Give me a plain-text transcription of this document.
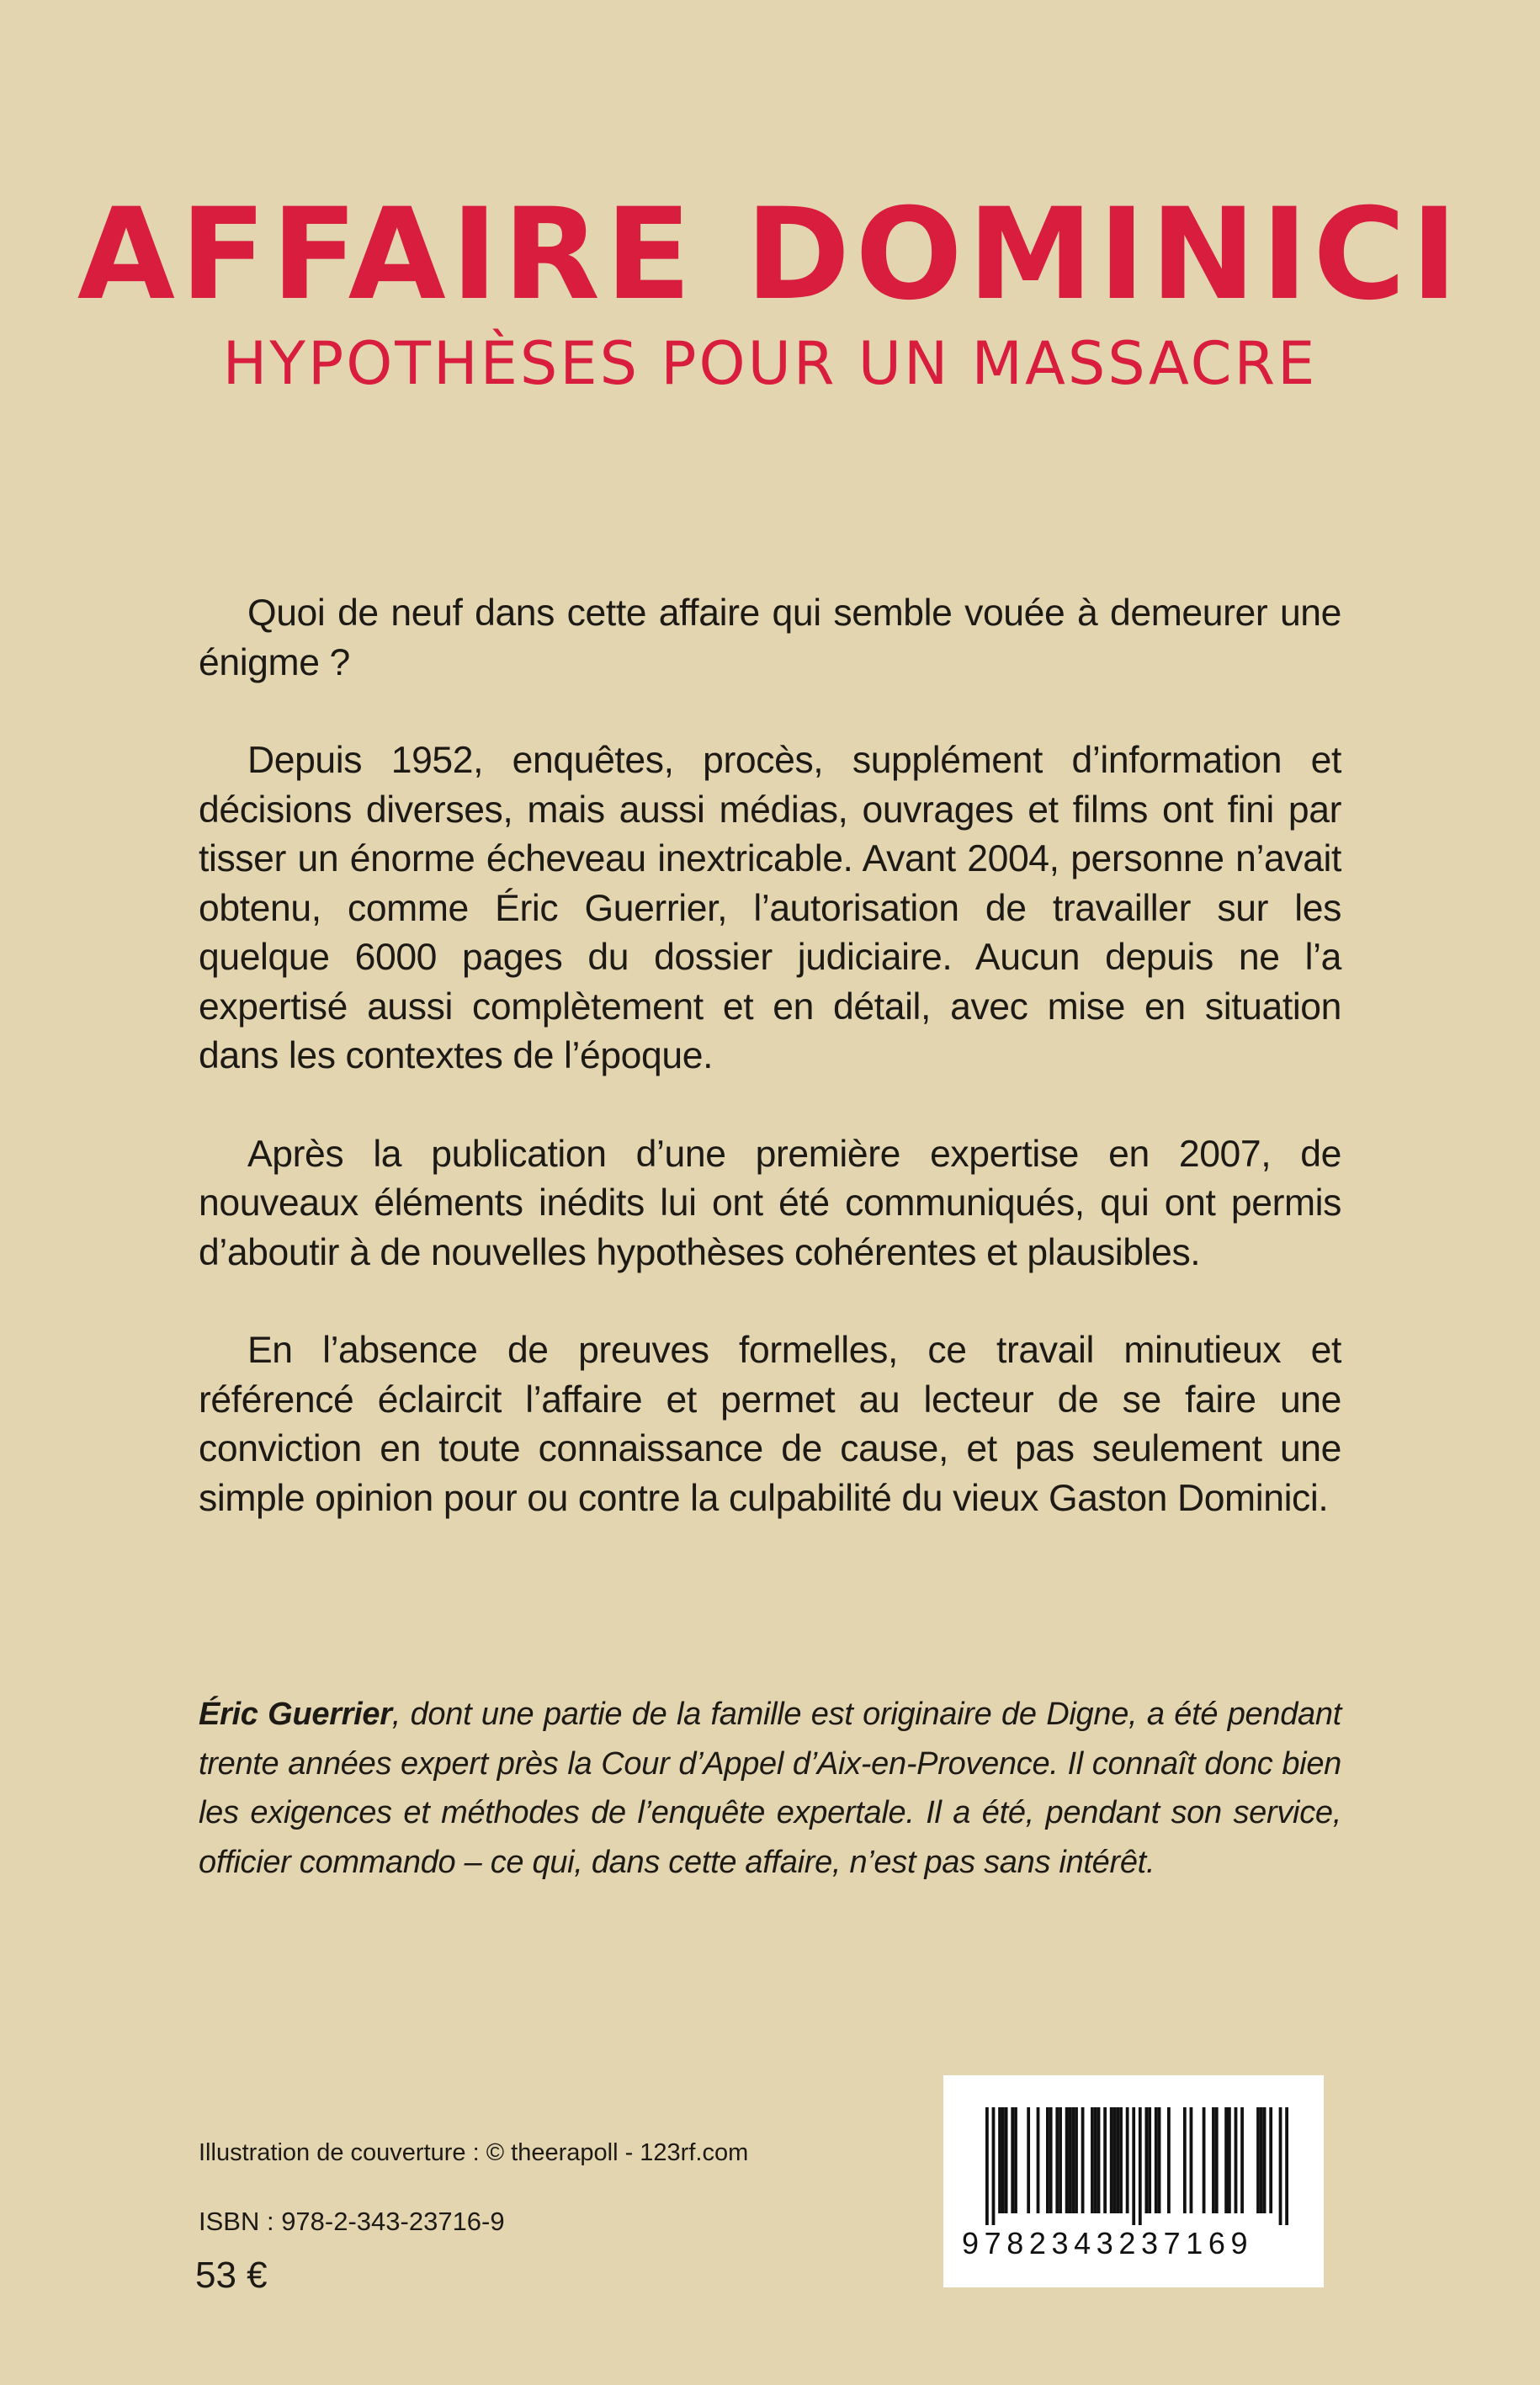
AFFAIRE DOMINICI
HYPOTHÈSES POUR UN MASSACRE

Quoi de neuf dans cette affaire qui semble vouée à demeurer une énigme ?

Depuis 1952, enquêtes, procès, supplément d’information et décisions diverses, mais aussi médias, ouvrages et films ont fini par tisser un énorme écheveau inextricable. Avant 2004, personne n’avait obtenu, comme Éric Guerrier, l’autorisation de travailler sur les quelque 6000 pages du dossier judiciaire. Aucun depuis ne l’a expertisé aussi complètement et en détail, avec mise en situation dans les contextes de l’époque.

Après la publication d’une première expertise en 2007, de nouveaux éléments inédits lui ont été communiqués, qui ont permis d’aboutir à de nouvelles hypothèses cohérentes et plausibles.

En l’absence de preuves formelles, ce travail minutieux et référencé éclaircit l’affaire et permet au lecteur de se faire une conviction en toute connaissance de cause, et pas seulement une simple opinion pour ou contre la culpabilité du vieux Gaston Dominici.

Éric Guerrier, dont une partie de la famille est originaire de Digne, a été pendant trente années expert près la Cour d’Appel d’Aix-en-Provence. Il connaît donc bien les exigences et méthodes de l’enquête expertale. Il a été, pendant son service, officier commando – ce qui, dans cette affaire, n’est pas sans intérêt.
Illustration de couverture : © theerapoll - 123rf.com
ISBN : 978-2-343-23716-9
53 €
9782343237169
